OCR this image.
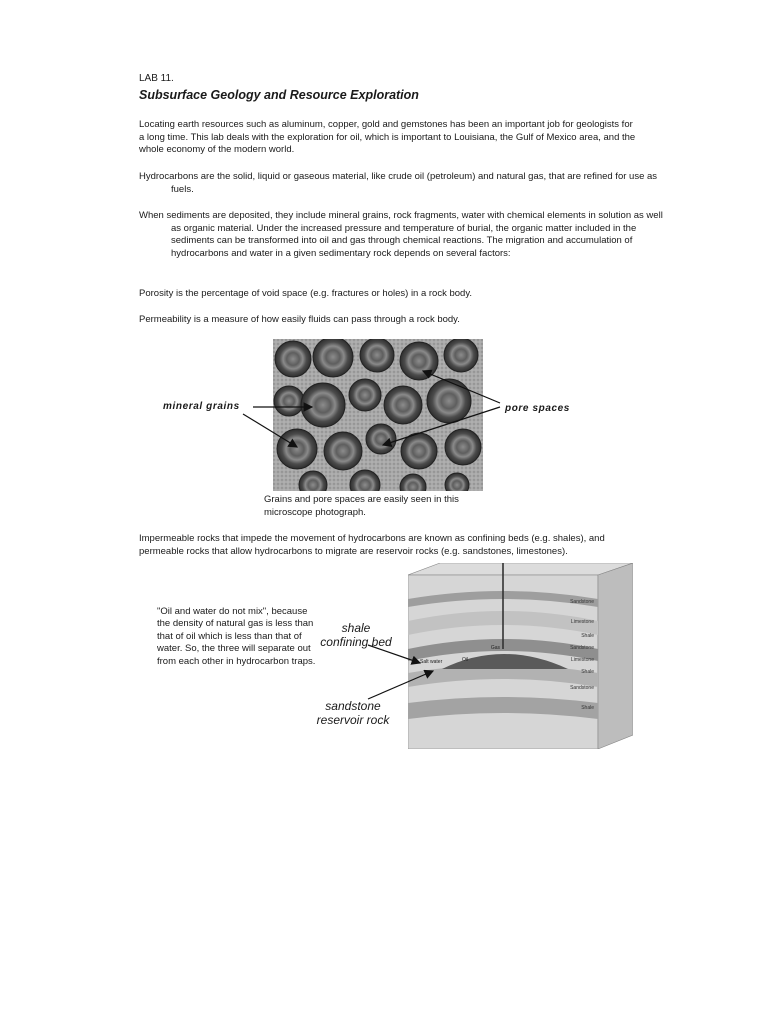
LAB 11.
Subsurface Geology and Resource Exploration

Locating earth resources such as aluminum, copper, gold and gemstones has been an important job for geologists for a long time. This lab deals with the exploration for oil, which is important to Louisiana, the Gulf of Mexico area, and the whole economy of the modern world.

Hydrocarbons are the solid, liquid or gaseous material, like crude oil (petroleum) and natural gas, that are refined for use as fuels.

When sediments are deposited, they include mineral grains, rock fragments, water with chemical elements in solution as well as organic material. Under the increased pressure and temperature of burial, the organic matter included in the sediments can be transformed into oil and gas through chemical reactions. The migration and accumulation of hydrocarbons and water in a given sedimentary rock depends on several factors:

Porosity is the percentage of void space (e.g. fractures or holes) in a rock body.

Permeability is a measure of how easily fluids can pass through a rock body.

mineral grains	pore spaces
Grains and pore spaces are easily seen in this microscope photograph.

Impermeable rocks that impede the movement of hydrocarbons are known as confining beds (e.g. shales), and permeable rocks that allow hydrocarbons to migrate are reservoir rocks (e.g. sandstones, limestones).

"Oil and water do not mix", because the density of natural gas is less than that of oil which is less than that of water. So, the three will separate out from each other in hydrocarbon traps.
shale confining bed
sandstone reservoir rock
Gas
Oil
Salt water
Sandstone
Limestone
Shale
Sandstone
Limestone
Shale
Sandstone
Shale
